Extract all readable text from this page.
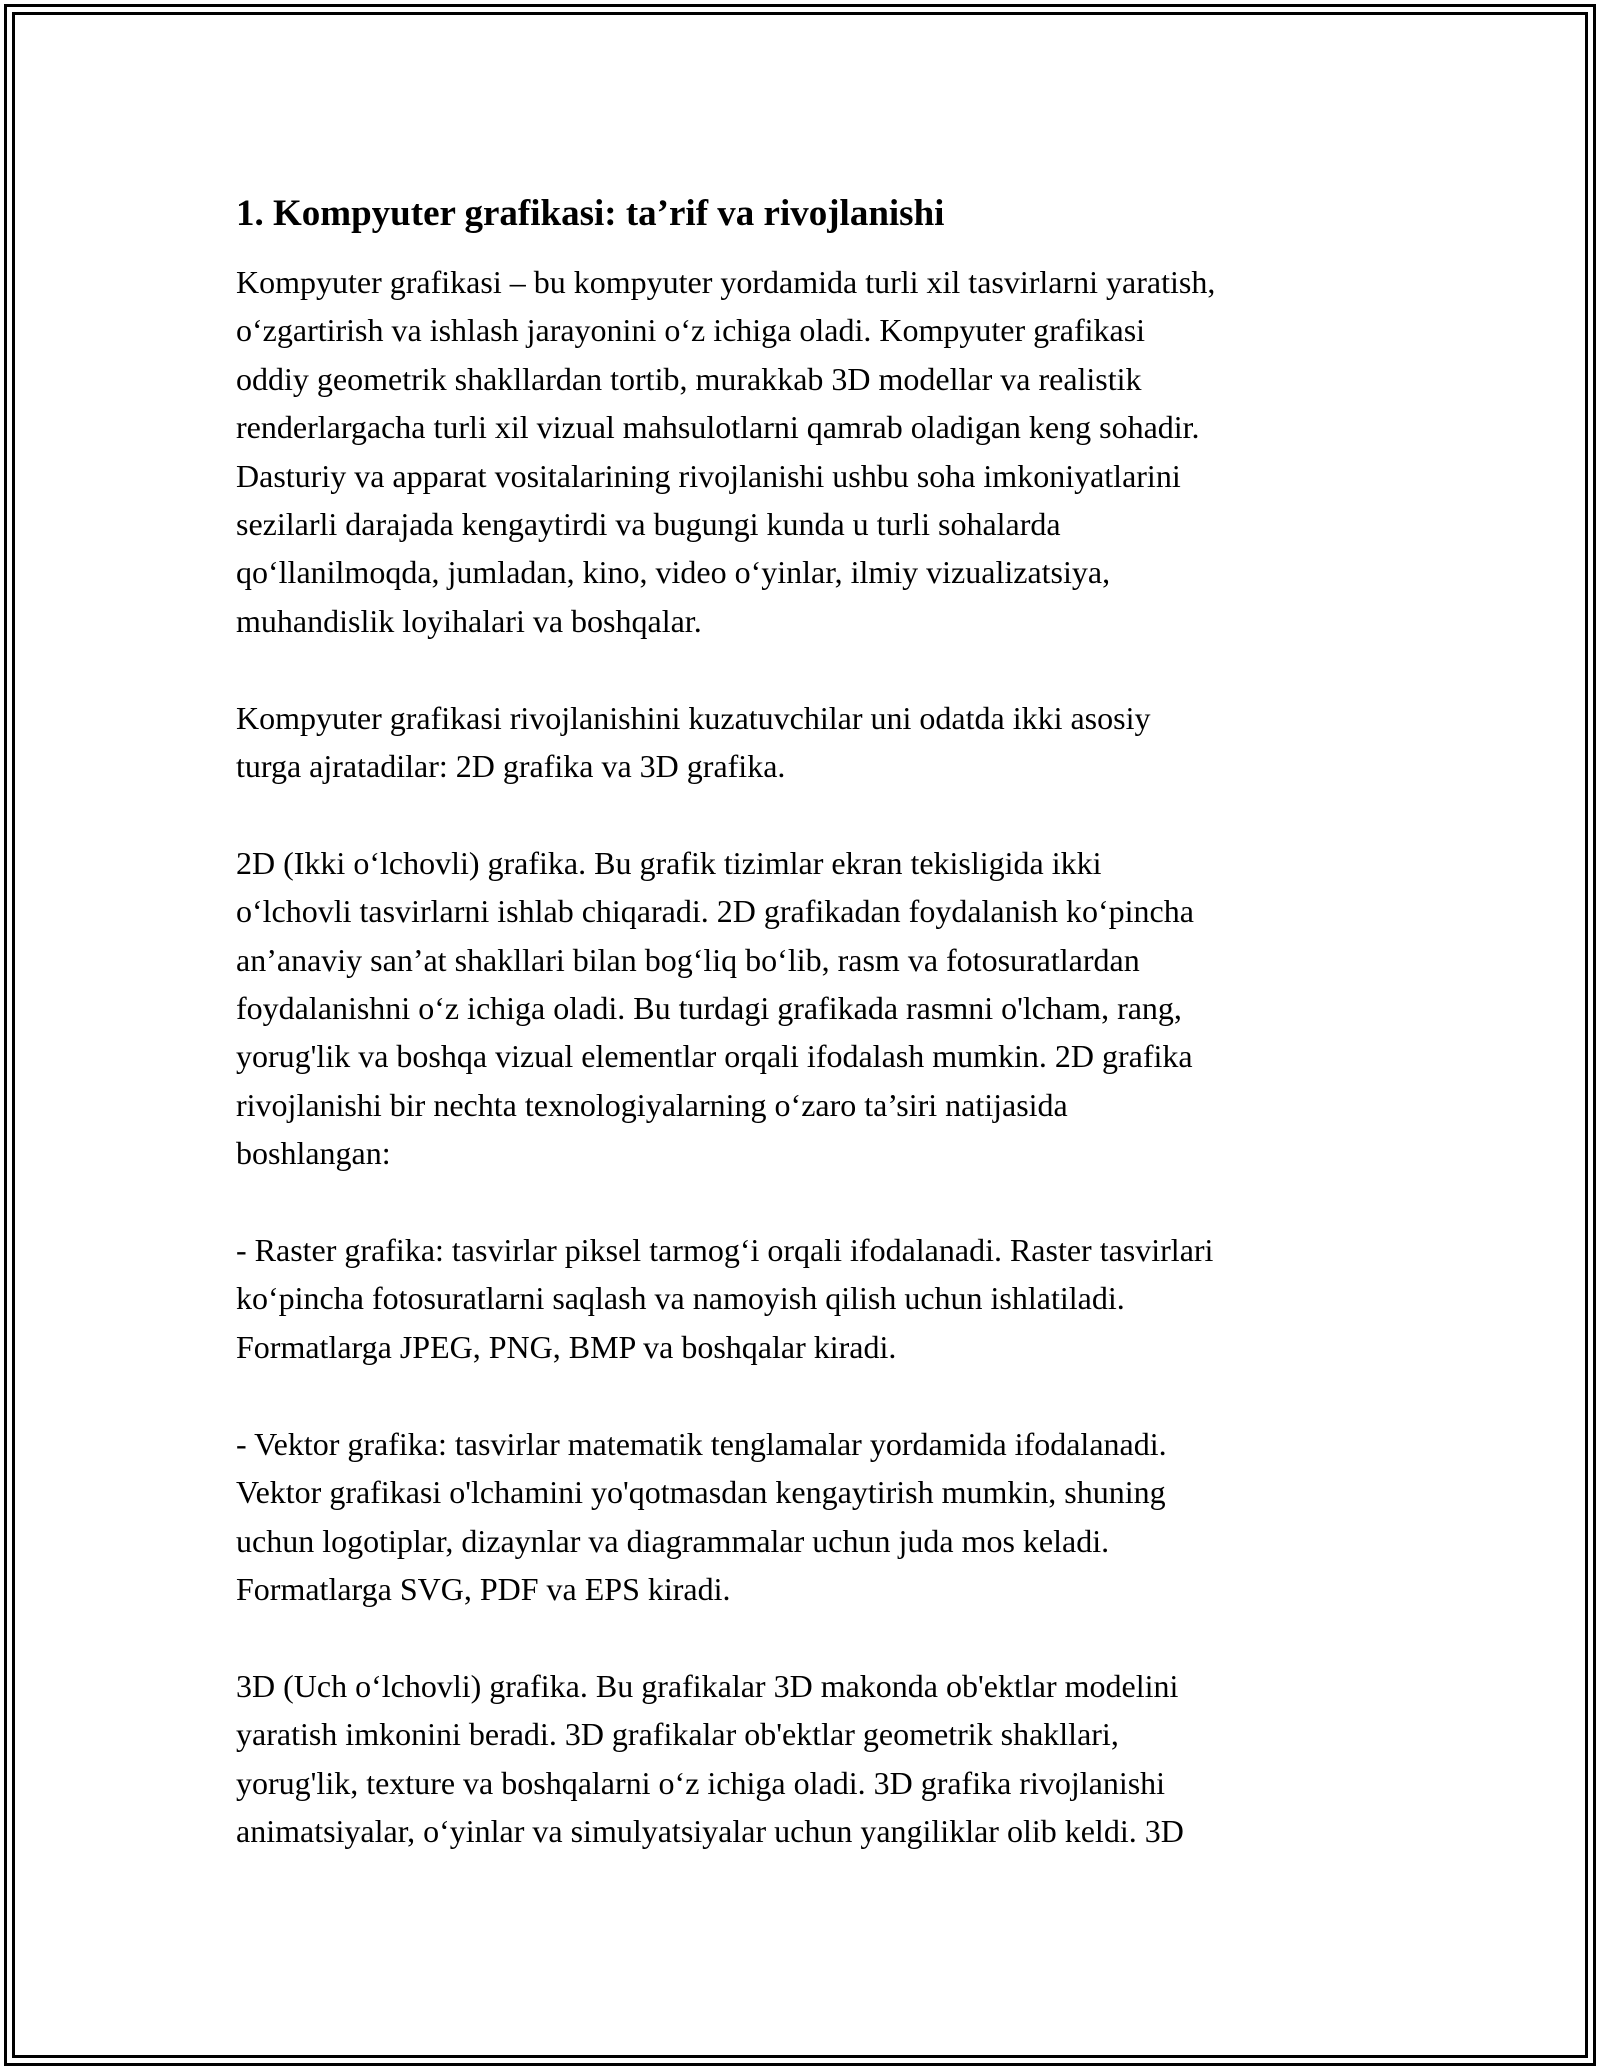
1. Kompyuter grafikasi: ta’rif va rivojlanishi

Kompyuter grafikasi – bu kompyuter yordamida turli xil tasvirlarni yaratish,
o‘zgartirish va ishlash jarayonini o‘z ichiga oladi. Kompyuter grafikasi
oddiy geometrik shakllardan tortib, murakkab 3D modellar va realistik
renderlargacha turli xil vizual mahsulotlarni qamrab oladigan keng sohadir.
Dasturiy va apparat vositalarining rivojlanishi ushbu soha imkoniyatlarini
sezilarli darajada kengaytirdi va bugungi kunda u turli sohalarda
qo‘llanilmoqda, jumladan, kino, video o‘yinlar, ilmiy vizualizatsiya,
muhandislik loyihalari va boshqalar.

Kompyuter grafikasi rivojlanishini kuzatuvchilar uni odatda ikki asosiy
turga ajratadilar: 2D grafika va 3D grafika.

2D (Ikki o‘lchovli) grafika. Bu grafik tizimlar ekran tekisligida ikki
o‘lchovli tasvirlarni ishlab chiqaradi. 2D grafikadan foydalanish ko‘pincha
an’anaviy san’at shakllari bilan bog‘liq bo‘lib, rasm va fotosuratlardan
foydalanishni o‘z ichiga oladi. Bu turdagi grafikada rasmni o'lcham, rang,
yorug'lik va boshqa vizual elementlar orqali ifodalash mumkin. 2D grafika
rivojlanishi bir nechta texnologiyalarning o‘zaro ta’siri natijasida
boshlangan:

- Raster grafika: tasvirlar piksel tarmog‘i orqali ifodalanadi. Raster tasvirlari
ko‘pincha fotosuratlarni saqlash va namoyish qilish uchun ishlatiladi.
Formatlarga JPEG, PNG, BMP va boshqalar kiradi.

- Vektor grafika: tasvirlar matematik tenglamalar yordamida ifodalanadi.
Vektor grafikasi o'lchamini yo'qotmasdan kengaytirish mumkin, shuning
uchun logotiplar, dizaynlar va diagrammalar uchun juda mos keladi.
Formatlarga SVG, PDF va EPS kiradi.

3D (Uch o‘lchovli) grafika. Bu grafikalar 3D makonda ob'ektlar modelini
yaratish imkonini beradi. 3D grafikalar ob'ektlar geometrik shakllari,
yorug'lik, texture va boshqalarni o‘z ichiga oladi. 3D grafika rivojlanishi
animatsiyalar, o‘yinlar va simulyatsiyalar uchun yangiliklar olib keldi. 3D
